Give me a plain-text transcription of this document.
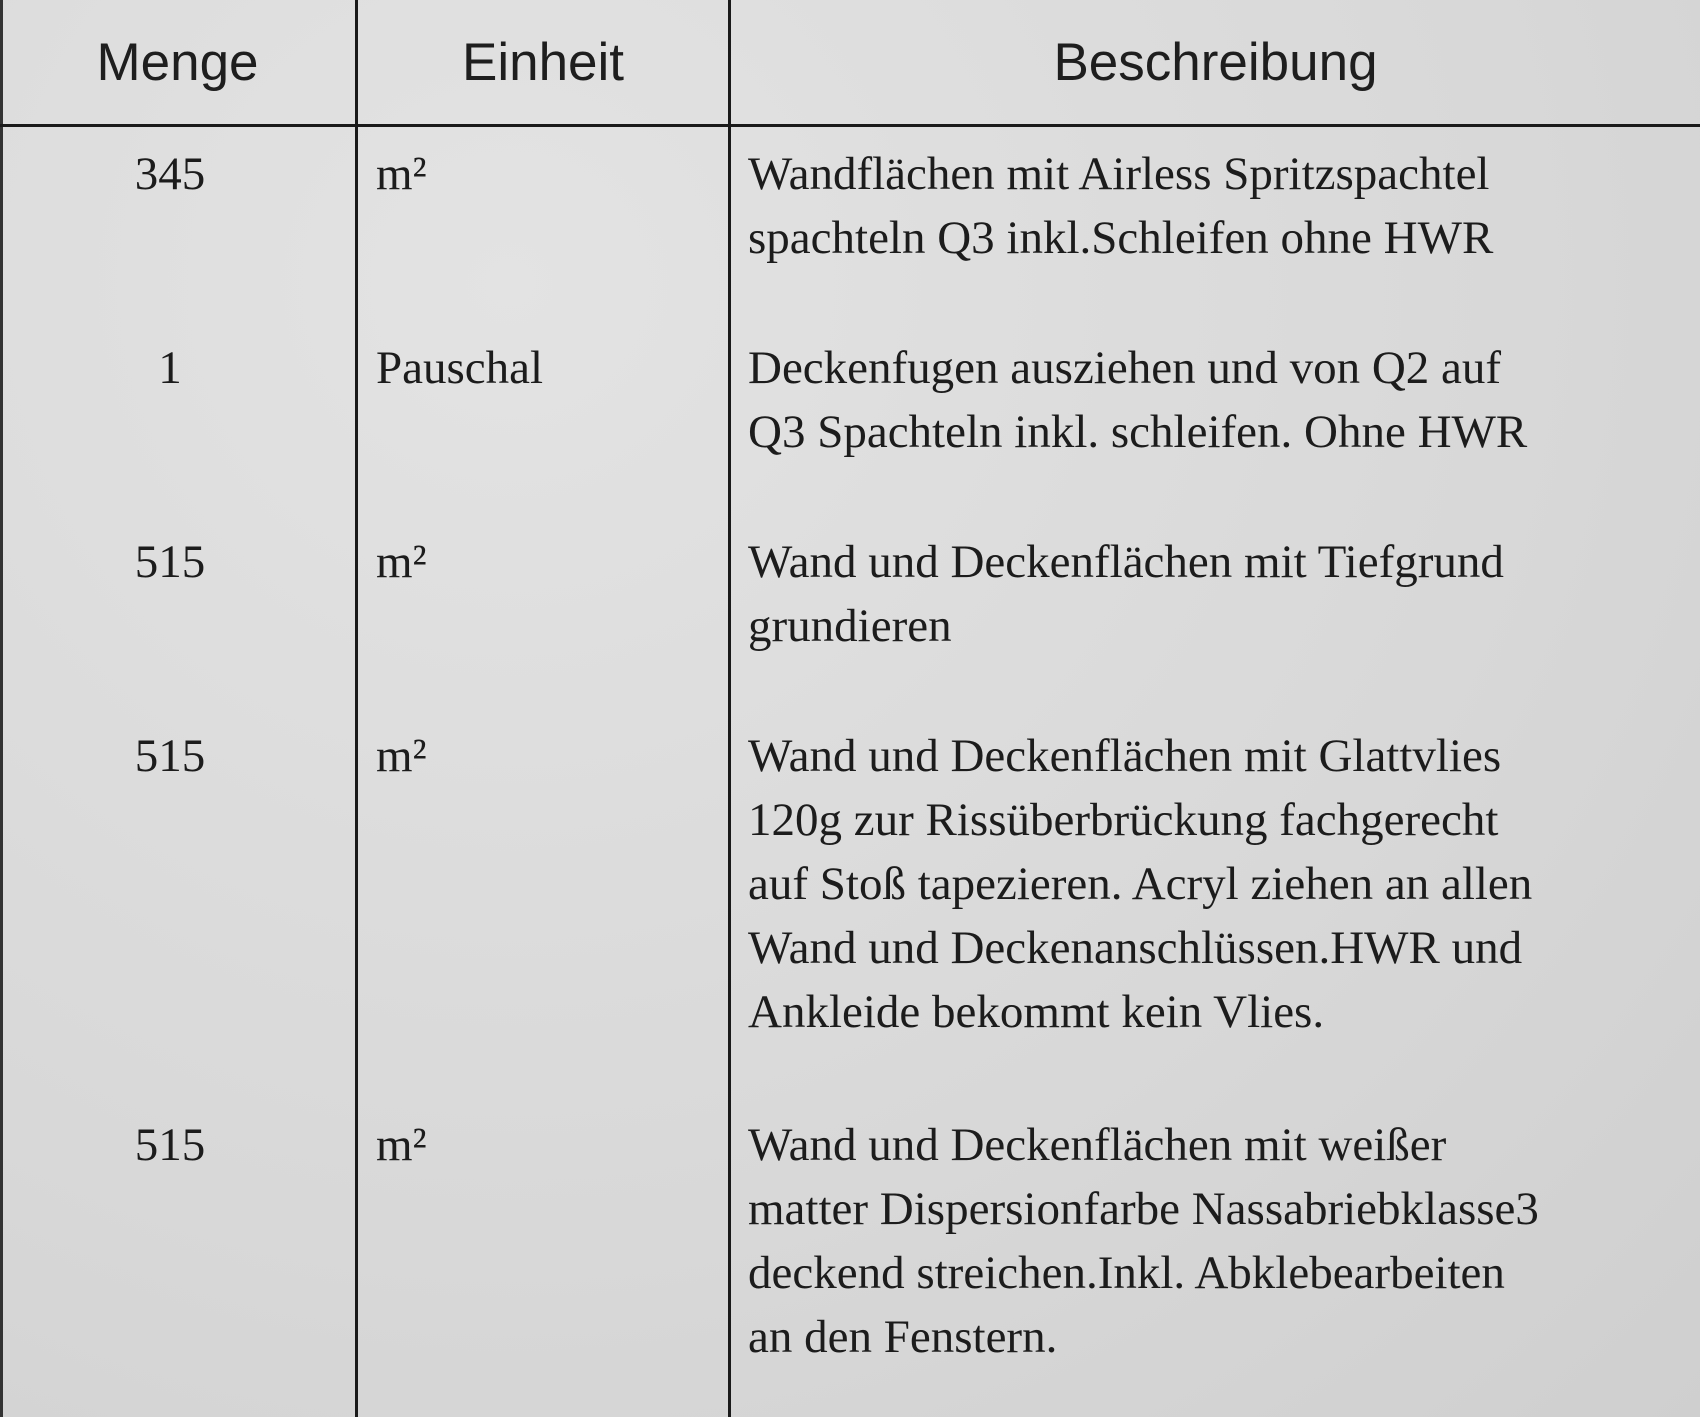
Menge	Einheit	Beschreibung
345	m²	Wandflächen mit Airless Spritzspachtel
spachteln Q3 inkl.Schleifen ohne HWR
1	Pauschal	Deckenfugen ausziehen und von Q2 auf
Q3 Spachteln inkl. schleifen. Ohne HWR
515	m²	Wand und Deckenflächen mit Tiefgrund
grundieren
515	m²	Wand und Deckenflächen mit Glattvlies
120g zur Rissüberbrückung fachgerecht
auf Stoß tapezieren. Acryl ziehen an allen
Wand und Deckenanschlüssen.HWR und
Ankleide bekommt kein Vlies.
515	m²	Wand und Deckenflächen mit weißer
matter Dispersionfarbe Nassabriebklasse3
deckend streichen.Inkl. Abklebearbeiten
an den Fenstern.
